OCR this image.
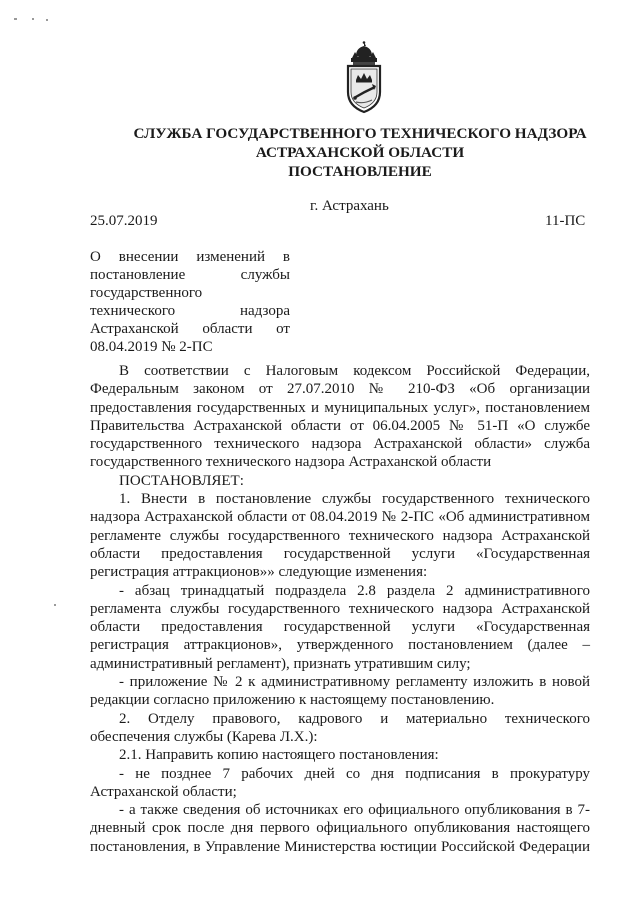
СЛУЖБА ГОСУДАРСТВЕННОГО ТЕХНИЧЕСКОГО НАДЗОРА
АСТРАХАНСКОЙ ОБЛАСТИ
ПОСТАНОВЛЕНИЕ
г. Астрахань
25.07.2019	11-ПС
О внесении изменений в
постановление службы
государственного
технического надзора
Астраханской области от
08.04.2019 № 2-ПС
В соответствии с Налоговым кодексом Российской Федерации,
Федеральным законом от 27.07.2010 № 210-ФЗ «Об организации
предоставления государственных и муниципальных услуг», постановлением
Правительства Астраханской области от 06.04.2005 № 51-П «О службе
государственного технического надзора Астраханской области» служба
государственного технического надзора Астраханской области
ПОСТАНОВЛЯЕТ:
1. Внести в постановление службы государственного технического
надзора Астраханской области от 08.04.2019 № 2-ПС «Об административном
регламенте службы государственного технического надзора Астраханской
области предоставления государственной услуги «Государственная
регистрация аттракционов»» следующие изменения:
- абзац тринадцатый подраздела 2.8 раздела 2 административного
регламента службы государственного технического надзора Астраханской
области предоставления государственной услуги «Государственная
регистрация аттракционов», утвержденного постановлением (далее –
административный регламент), признать утратившим силу;
- приложение № 2 к административному регламенту изложить в новой
редакции согласно приложению к настоящему постановлению.
2. Отделу правового, кадрового и материально технического
обеспечения службы (Карева Л.Х.):
2.1. Направить копию настоящего постановления:
- не позднее 7 рабочих дней со дня подписания в прокуратуру
Астраханской области;
- а также сведения об источниках его официального опубликования в 7-
дневный срок после дня первого официального опубликования настоящего
постановления, в Управление Министерства юстиции Российской Федерации
